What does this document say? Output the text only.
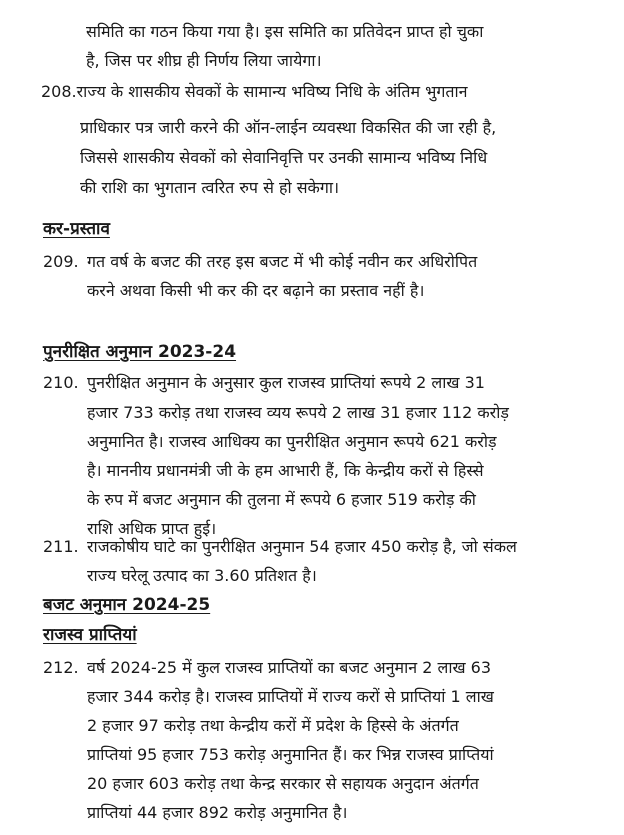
समिति का गठन किया गया है। इस समिति का प्रतिवेदन प्राप्त हो चुका
है, जिस पर शीघ्र ही निर्णय लिया जायेगा।
208.राज्य के शासकीय सेवकों के सामान्य भविष्य निधि के अंतिम भुगतान
प्राधिकार पत्र जारी करने की ऑन-लाईन व्यवस्था विकसित की जा रही है,
जिससे शासकीय सेवकों को सेवानिवृत्ति पर उनकी सामान्य भविष्य निधि
की राशि का भुगतान त्वरित रुप से हो सकेगा।
कर-प्रस्ताव
209. गत वर्ष के बजट की तरह इस बजट में भी कोई नवीन कर अधिरोपित
करने अथवा किसी भी कर की दर बढ़ाने का प्रस्ताव नहीं है।
पुनरीक्षित अनुमान 2023-24
210. पुनरीक्षित अनुमान के अनुसार कुल राजस्व प्राप्तियां रूपये 2 लाख 31
हजार 733 करोड़ तथा राजस्व व्यय रूपये 2 लाख 31 हजार 112 करोड़
अनुमानित है। राजस्व आधिक्य का पुनरीक्षित अनुमान रूपये 621 करोड़
है। माननीय प्रधानमंत्री जी के हम आभारी हैं, कि केन्द्रीय करों से हिस्से
के रुप में बजट अनुमान की तुलना में रूपये 6 हजार 519 करोड़ की
राशि अधिक प्राप्त हुई।
211. राजकोषीय घाटे का पुनरीक्षित अनुमान 54 हजार 450 करोड़ है, जो संकल
राज्य घरेलू उत्पाद का 3.60 प्रतिशत है।
बजट अनुमान 2024-25
राजस्व प्राप्तियां
212. वर्ष 2024-25 में कुल राजस्व प्राप्तियों का बजट अनुमान 2 लाख 63
हजार 344 करोड़ है। राजस्व प्राप्तियों में राज्य करों से प्राप्तियां 1 लाख
2 हजार 97 करोड़ तथा केन्द्रीय करों में प्रदेश के हिस्से के अंतर्गत
प्राप्तियां 95 हजार 753 करोड़ अनुमानित हैं। कर भिन्न राजस्व प्राप्तियां
20 हजार 603 करोड़ तथा केन्द्र सरकार से सहायक अनुदान अंतर्गत
प्राप्तियां 44 हजार 892 करोड़ अनुमानित है।
